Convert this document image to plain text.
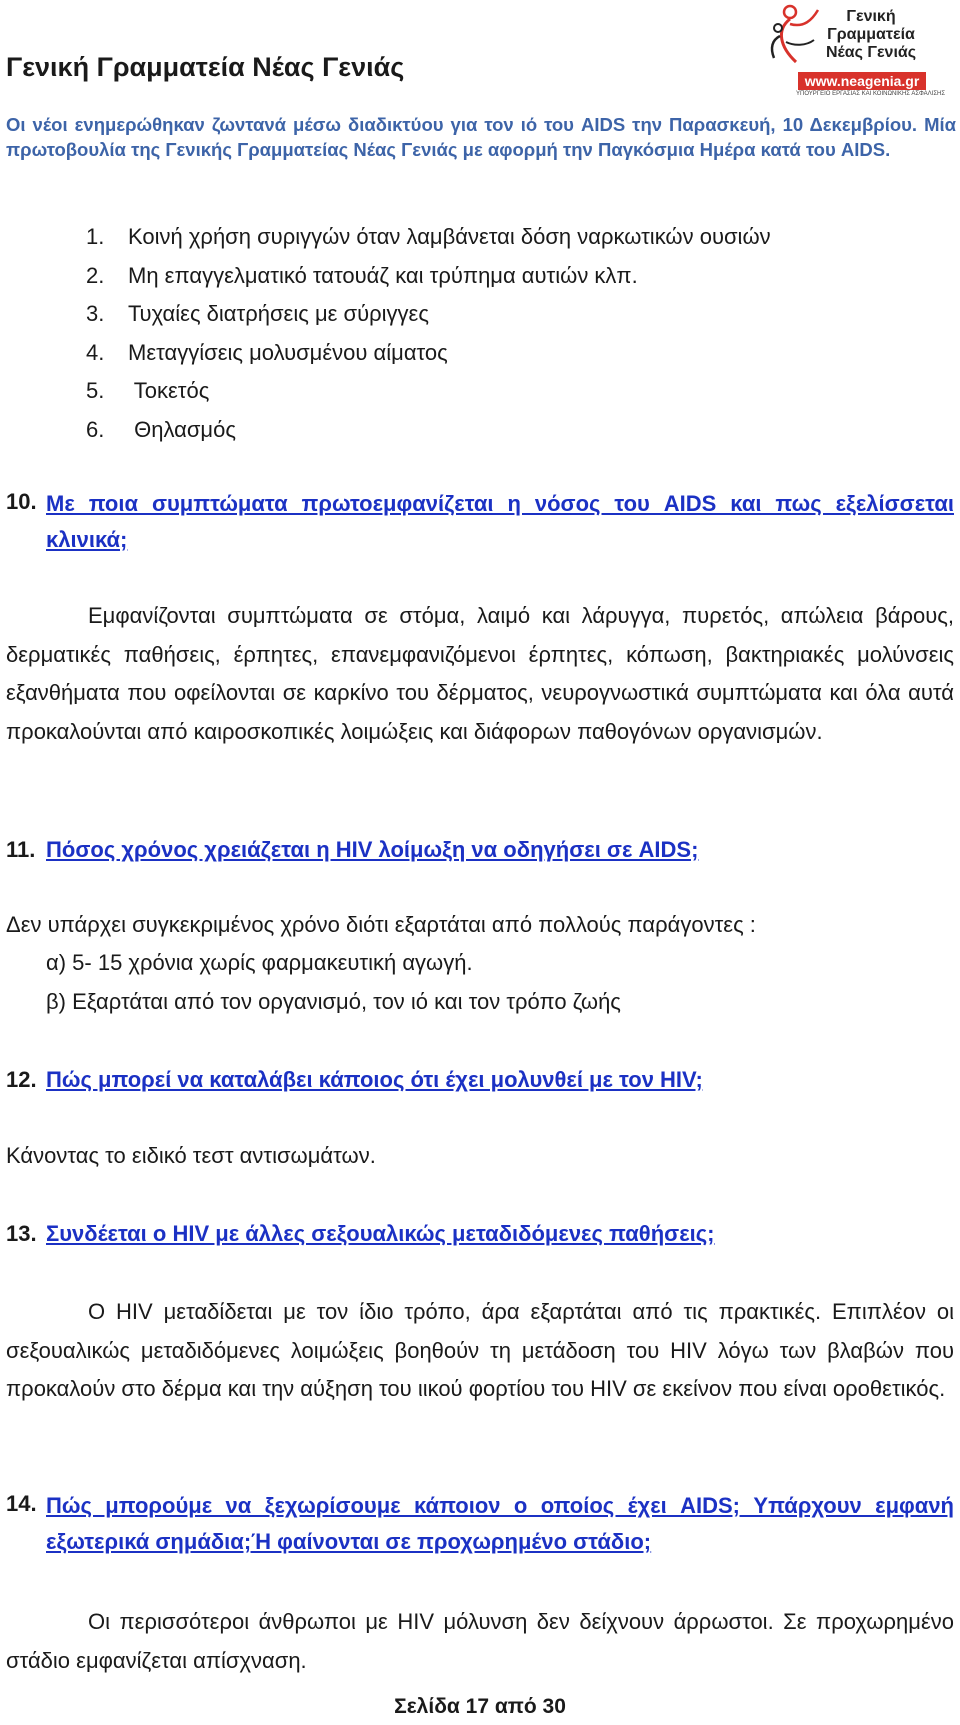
Γενική Γραμματεία Νέας Γενιάς
Γενική
Γραμματεία
Νέας Γενιάς
www.neagenia.gr
ΥΠΟΥΡΓΕΙΟ ΕΡΓΑΣΙΑΣ ΚΑΙ ΚΟΙΝΩΝΙΚΗΣ ΑΣΦΑΛΙΣΗΣ

Οι νέοι ενημερώθηκαν ζωντανά μέσω διαδικτύου για τον ιό του AIDS την Παρασκευή, 10 Δεκεμβρίου. Μία πρωτοβουλία της Γενικής Γραμματείας Νέας Γενιάς με αφορμή την Παγκόσμια Ημέρα κατά του AIDS.

1. Κοινή χρήση συριγγών όταν λαμβάνεται δόση ναρκωτικών ουσιών
2. Μη επαγγελματικό τατουάζ και τρύπημα αυτιών κλπ.
3. Τυχαίες διατρήσεις με σύριγγες
4. Μεταγγίσεις μολυσμένου αίματος
5. Τοκετός
6. Θηλασμός
10. Με ποια συμπτώματα πρωτοεμφανίζεται η νόσος του AIDS και πως εξελίσσεται κλινικά;

Εμφανίζονται συμπτώματα σε στόμα, λαιμό και λάρυγγα, πυρετός, απώλεια βάρους, δερματικές παθήσεις, έρπητες, επανεμφανιζόμενοι έρπητες, κόπωση, βακτηριακές μολύνσεις εξανθήματα που οφείλονται σε καρκίνο του δέρματος, νευρογνωστικά συμπτώματα και όλα αυτά προκαλούνται από καιροσκοπικές λοιμώξεις και διάφορων παθογόνων οργανισμών.

11. Πόσος χρόνος χρειάζεται η HIV λοίμωξη να οδηγήσει σε AIDS;

Δεν υπάρχει συγκεκριμένος χρόνο διότι εξαρτάται από πολλούς παράγοντες :

α) 5- 15 χρόνια χωρίς φαρμακευτική αγωγή.

β) Εξαρτάται από τον οργανισμό, τον ιό και τον τρόπο ζωής

12. Πώς μπορεί να καταλάβει κάποιος ότι έχει μολυνθεί με τον HIV;

Κάνοντας το ειδικό τεστ αντισωμάτων.

13. Συνδέεται ο HIV με άλλες σεξουαλικώς μεταδιδόμενες παθήσεις;

Ο HIV μεταδίδεται με τον ίδιο τρόπο, άρα εξαρτάται από τις πρακτικές. Επιπλέον οι σεξουαλικώς μεταδιδόμενες λοιμώξεις βοηθούν τη μετάδοση του HIV λόγω των βλαβών που προκαλούν στο δέρμα και την αύξηση του ιικού φορτίου του HIV σε εκείνον που είναι οροθετικός.

14. Πώς μπορούμε να ξεχωρίσουμε κάποιον ο οποίος έχει AIDS; Υπάρχουν εμφανή εξωτερικά σημάδια;Ή φαίνονται σε προχωρημένο στάδιο;

Οι περισσότεροι άνθρωποι με HIV μόλυνση δεν δείχνουν άρρωστοι. Σε προχωρημένο στάδιο εμφανίζεται απίσχναση.

Σελίδα 17 από 30
